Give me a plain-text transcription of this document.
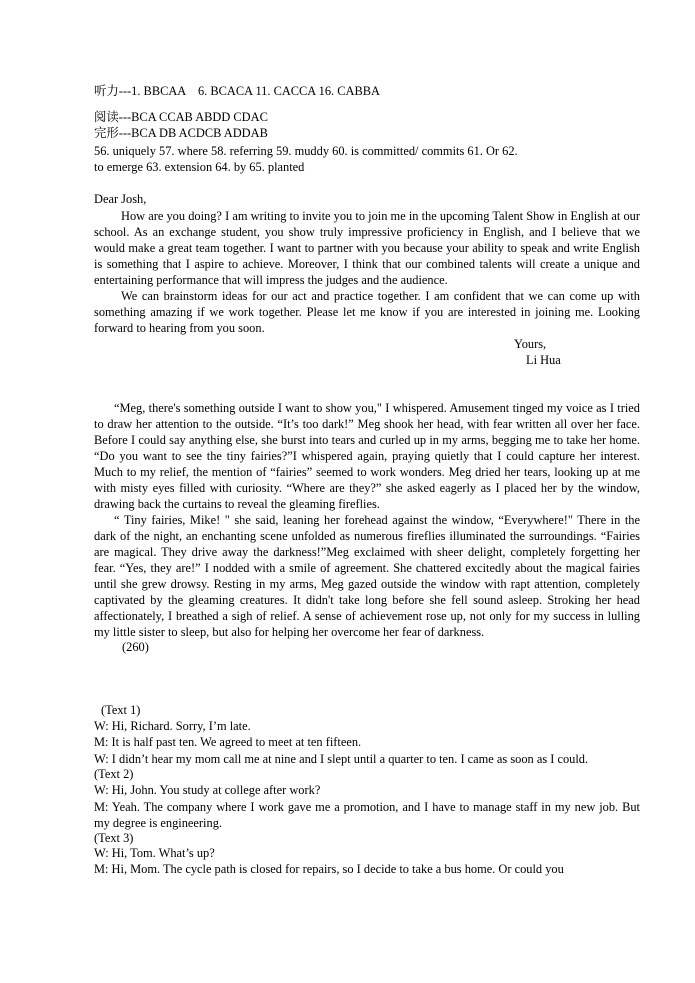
听力---1. BBCAA　6. BCACA 11. CACCA 16. CABBA
阅读---BCA CCAB ABDD CDAC
完形---BCA DB ACDCB ADDAB
56. uniquely 57. where 58. referring 59. muddy 60. is committed/ commits 61. Or 62.
to emerge 63. extension 64. by 65. planted
Dear Josh,

How are you doing? I am writing to invite you to join me in the upcoming Talent Show in English at our school. As an exchange student, you show truly impressive proficiency in English, and I believe that we would make a great team together. I want to partner with you because your ability to speak and write English is something that I aspire to achieve. Moreover, I think that our combined talents will create a unique and entertaining performance that will impress the judges and the audience.

We can brainstorm ideas for our act and practice together. I am confident that we can come up with something amazing if we work together. Please let me know if you are interested in joining me. Looking forward to hearing from you soon.

Yours,
Li Hua

“Meg, there's something outside I want to show you," I whispered. Amusement tinged my voice as I tried to draw her attention to the outside. “It’s too dark!” Meg shook her head, with fear written all over her face. Before I could say anything else, she burst into tears and curled up in my arms, begging me to take her home. “Do you want to see the tiny fairies?”I whispered again, praying quietly that I could capture her interest. Much to my relief, the mention of “fairies” seemed to work wonders. Meg dried her tears, looking up at me with misty eyes filled with curiosity. “Where are they?” she asked eagerly as I placed her by the window, drawing back the curtains to reveal the gleaming fireflies.

“ Tiny fairies, Mike! " she said, leaning her forehead against the window, “Everywhere!" There in the dark of the night, an enchanting scene unfolded as numerous fireflies illuminated the surroundings. “Fairies are magical. They drive away the darkness!”Meg exclaimed with sheer delight, completely forgetting her fear. “Yes, they are!” I nodded with a smile of agreement. She chattered excitedly about the magical fairies until she grew drowsy. Resting in my arms, Meg gazed outside the window with rapt attention, completely captivated by the gleaming creatures. It didn't take long before she fell sound asleep. Stroking her head affectionately, I breathed a sigh of relief. A sense of achievement rose up, not only for my success in lulling my little sister to sleep, but also for helping her overcome her fear of darkness.

(260)
(Text 1)
W: Hi, Richard. Sorry, I’m late.
M: It is half past ten. We agreed to meet at ten fifteen.

W: I didn’t hear my mom call me at nine and I slept until a quarter to ten. I came as soon as I could.

(Text 2)
W: Hi, John. You study at college after work?

M: Yeah. The company where I work gave me a promotion, and I have to manage staff in my new job. But my degree is engineering.

(Text 3)
W: Hi, Tom. What’s up?
M: Hi, Mom. The cycle path is closed for repairs, so I decide to take a bus home. Or could you
